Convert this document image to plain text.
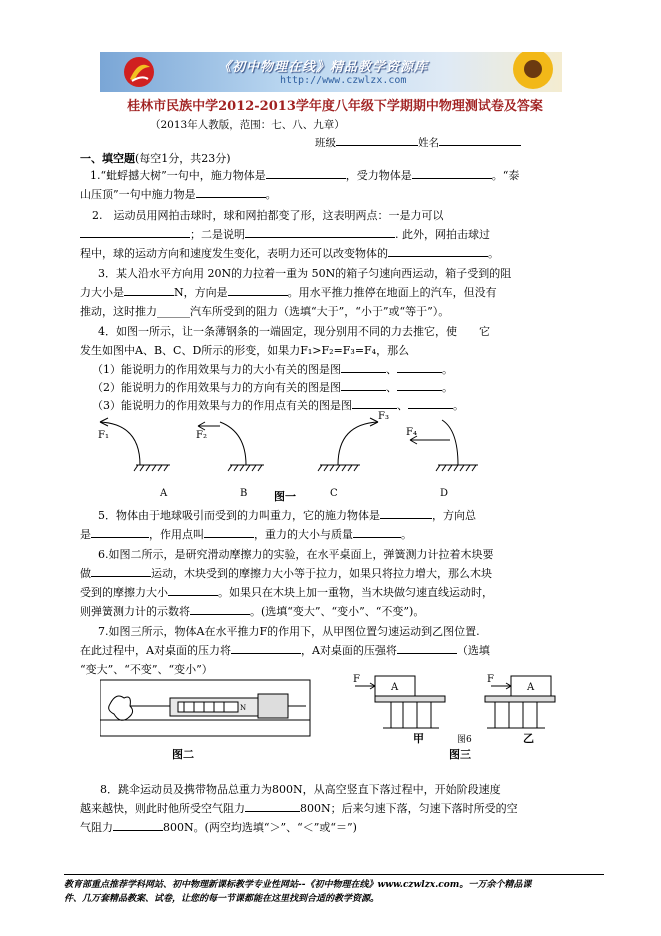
《初中物理在线》精品教学资源库
http://www.czwlzx.com
桂林市民族中学2012-2013学年度八年级下学期期中物理测试卷及答案
（2013年人教版，范围：七、八、九章）
班级	姓名
一、填空题(每空1分，共23分)
1.“蚍蜉撼大树”一句中，施力物体是	，受力物体是	。“泰
山压顶”一句中施力物是	。
2.　运动员用网拍击球时，球和网拍都变了形，这表明两点：一是力可以
；二是说明	. 此外，网拍击球过
程中，球的运动方向和速度发生变化，表明力还可以改变物体的	。
3．某人沿水平方向用 20N的力拉着一重为 50N的箱子匀速向西运动，箱子受到的阻
力大小是	N，方向是	。用水平推力推停在地面上的汽车，但没有
推动，这时推力______汽车所受到的阻力（选填“大于”，“小于”或“等于”）。
4．如图一所示，让一条薄钢条的一端固定，现分别用不同的力去推它，使　　它
发生如图中A、B、C、D所示的形变，如果力F₁>F₂=F₃=F₄，那么
（1）能说明力的作用效果与力的大小有关的图是图	、	。
（2）能说明力的作用效果与力的方向有关的图是图	、	。
（3）能说明力的作用效果与力的作用点有关的图是图	、	。
F₁	F₂
F₃
F₄
A	B	C	D
图一
5．物体由于地球吸引而受到的力叫重力，它的施力物体是	，方向总
是	，作用点叫	，重力的大小与质量	。
6.如图二所示，是研究滑动摩擦力的实验，在水平桌面上，弹簧测力计拉着木块要
做	运动，木块受到的摩擦力大小等于拉力，如果只将拉力增大，那么木块
受到的摩擦力大小	。如果只在木块上加一重物，当木块做匀速直线运动时，
则弹簧测力计的示数将	。(选填“变大”、“变小”、“不变”)。
7.如图三所示，物体A在水平推力F的作用下，从甲图位置匀速运动到乙图位置.
在此过程中，A对桌面的压力将	，A对桌面的压强将	（选填
“变大”、“不变”、“变小”）
N
图二
F
A
F
A
甲	图6	乙
图三
8．跳伞运动员及携带物品总重力为800N，从高空竖直下落过程中，开始阶段速度
越来越快，则此时他所受空气阻力	800N；后来匀速下落，匀速下落时所受的空
气阻力	800N。(两空均选填“＞”、“＜”或“＝”)
教育部重点推荐学科网站、初中物理新课标教学专业性网站--《初中物理在线》www.czwlzx.com。一万余个精品课
件、几万套精品教案、试卷，让您的每一节课都能在这里找到合适的教学资源。
